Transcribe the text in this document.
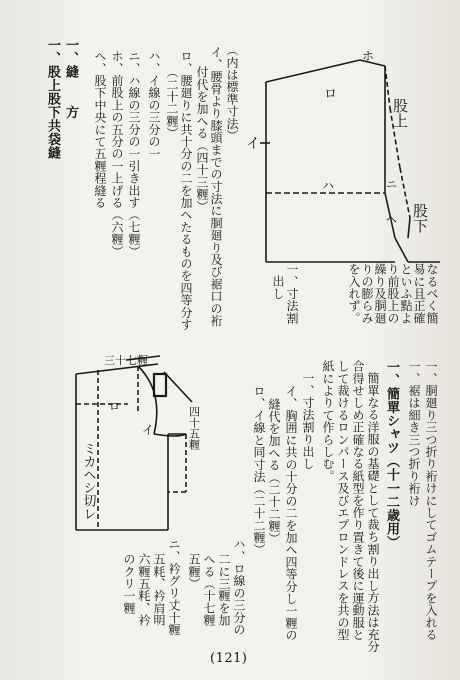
なるべく簡
易に且正確
といふ點よ
り前股上の
繰り及胴廻
りの膨らみ
を入れず。
一、寸法割
出し
（内は標準寸法）
イ、腰骨より膝頭までの寸法に胴廻り及び裾口の裄
付代を加へる（四十三糎）
ロ、腰廻りに共十分の二を加へたるものを四等分す
（二十二糎）
ハ、イ線の三分の一
ニ、ハ線の三分の一引き出す（七糎）
ホ、前股上の五分の一上げる（六糎）
ヘ、股下中央にて五糎程縫る
一、縫　　方
一、股上股下共袋縫
一、胴廻り三つ折り裄けにしてゴムテープを入れる
一、裾は細き三つ折り裄け
一、簡單シャツ（十一二歳用）
簡單なる洋服の基礎として裁ち割り出し方法は充分
合得せしめ正確なる紙型を作り置きて後に運動服と
して裁けるロンパース及びエプロンドレスを共の型
紙によりて作らしむ。
一、寸法割り出し
イ、胸囲に共の十分の二を加へ四等分し一糎の
縫代を加へる（二十二糎）
ロ、イ線と同寸法（二十二糎）
ハ、ロ線の三分の
二に三糎を加
へる（十七糎
五糎）
ニ、衿グリ丈十糎
五粍、衿肩明
六糎五粍、衿
のクリ一糎
ロ
ホ
イ
ハ	ニ
ヘ
股上
股下
三十七糎
四十五糎
ロ
イ
ミカヘシ切レ
(121)
